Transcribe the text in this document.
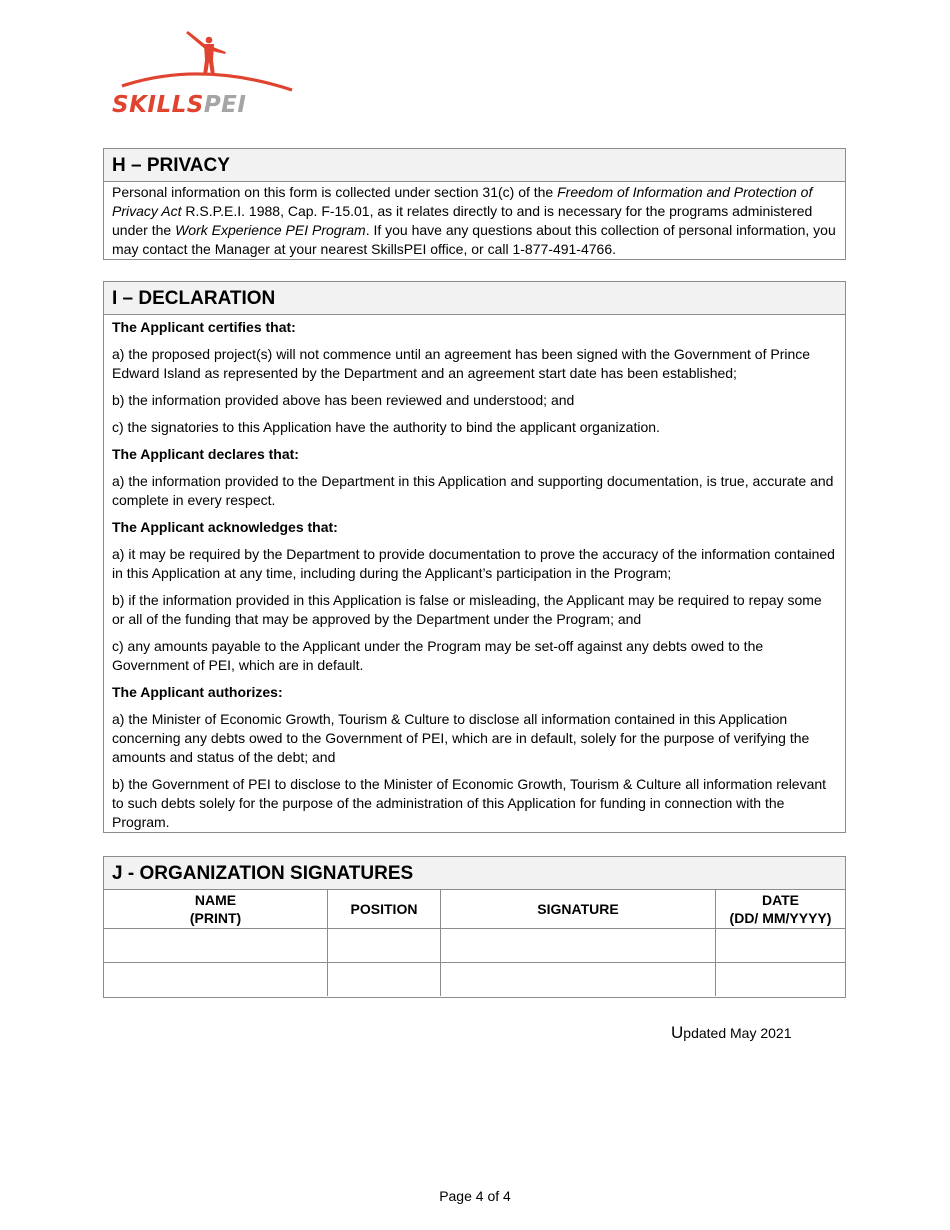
SKILLSPEI
H – PRIVACY

Personal information on this form is collected under section 31(c) of the Freedom of Information and Protection of Privacy Act R.S.P.E.I. 1988, Cap. F-15.01, as it relates directly to and is necessary for the programs administered under the Work Experience PEI Program. If you have any questions about this collection of personal information, you may contact the Manager at your nearest SkillsPEI office, or call 1-877-491-4766.

I – DECLARATION

The Applicant certifies that:

a) the proposed project(s) will not commence until an agreement has been signed with the Government of Prince Edward Island as represented by the Department and an agreement start date has been established;

b) the information provided above has been reviewed and understood; and

c) the signatories to this Application have the authority to bind the applicant organization.

The Applicant declares that:

a) the information provided to the Department in this Application and supporting documentation, is true, accurate and complete in every respect.

The Applicant acknowledges that:

a) it may be required by the Department to provide documentation to prove the accuracy of the information contained in this Application at any time, including during the Applicant’s participation in the Program;

b) if the information provided in this Application is false or misleading, the Applicant may be required to repay some or all of the funding that may be approved by the Department under the Program; and

c) any amounts payable to the Applicant under the Program may be set-off against any debts owed to the Government of PEI, which are in default.

The Applicant authorizes:

a) the Minister of Economic Growth, Tourism & Culture to disclose all information contained in this Application concerning any debts owed to the Government of PEI, which are in default, solely for the purpose of verifying the amounts and status of the debt; and

b) the Government of PEI to disclose to the Minister of Economic Growth, Tourism & Culture all information relevant to such debts solely for the purpose of the administration of this Application for funding in connection with the Program.

J - ORGANIZATION SIGNATURES
NAME
(PRINT)	POSITION	SIGNATURE	DATE
(DD/ MM/YYYY)

Updated May 2021
Page 4 of 4
